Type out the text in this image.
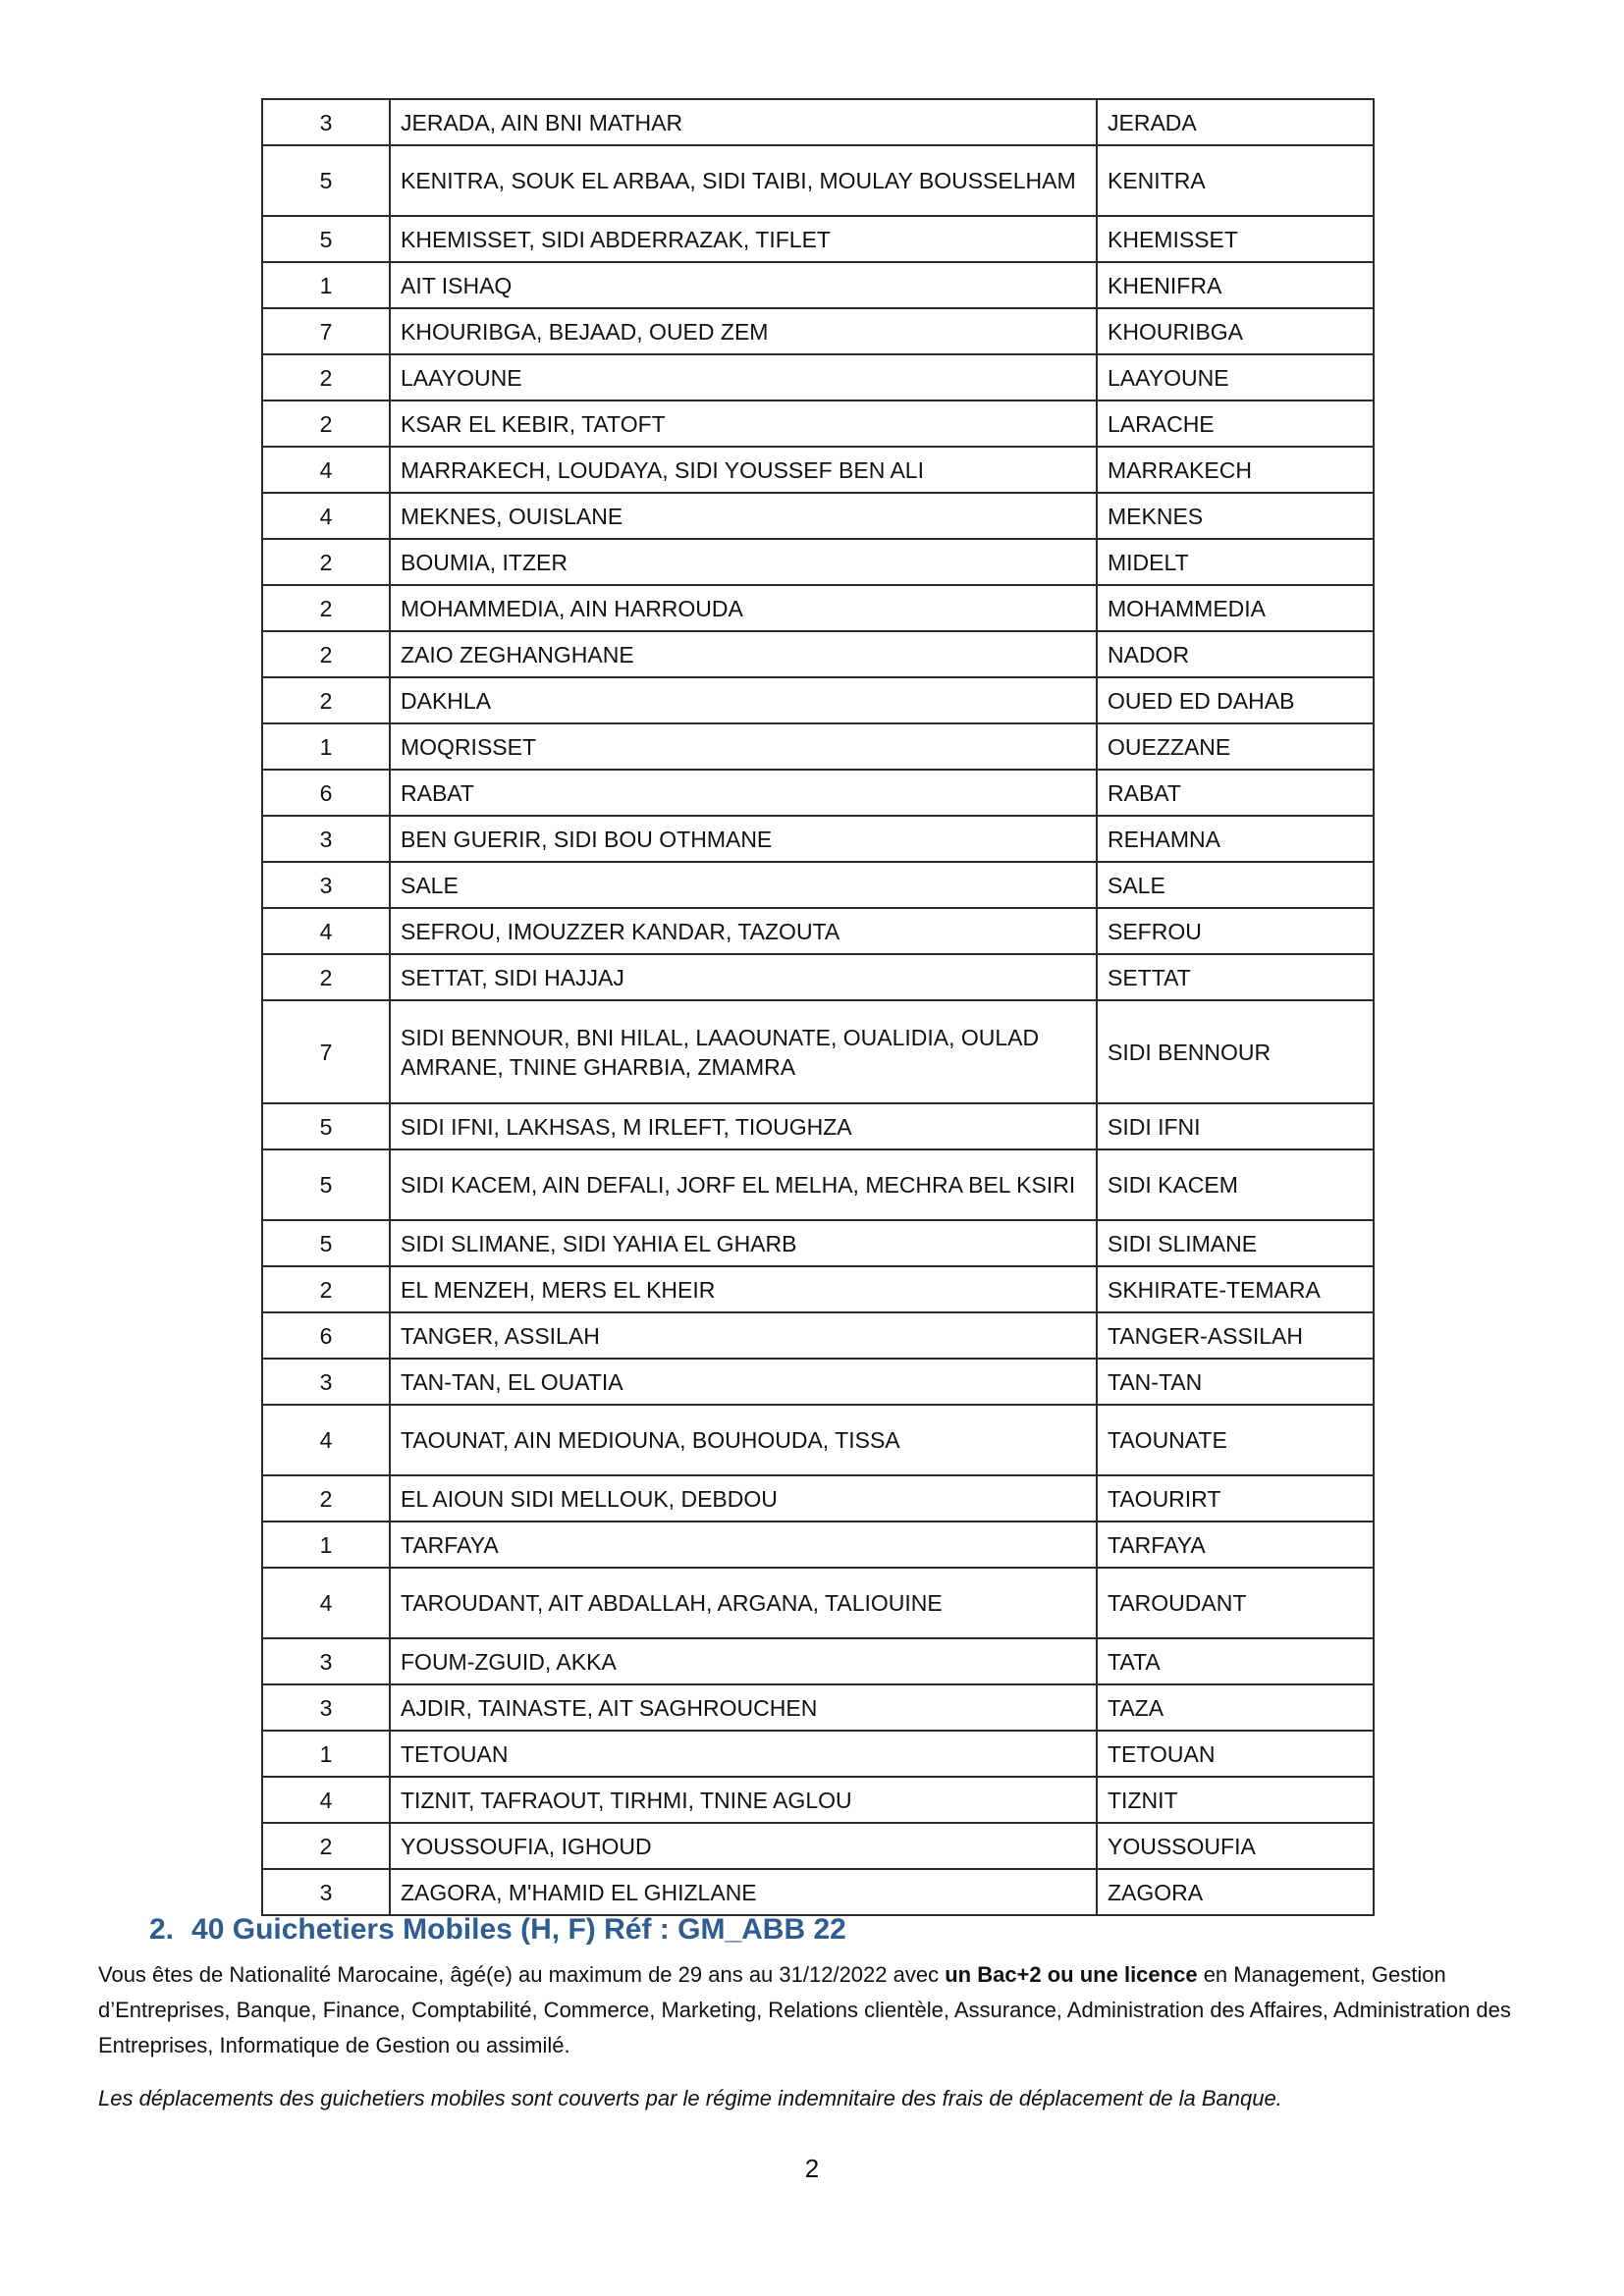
3	JERADA, AIN BNI MATHAR	JERADA
5	KENITRA, SOUK EL ARBAA, SIDI TAIBI, MOULAY BOUSSELHAM	KENITRA
5	KHEMISSET, SIDI ABDERRAZAK, TIFLET	KHEMISSET
1	AIT ISHAQ	KHENIFRA
7	KHOURIBGA, BEJAAD, OUED ZEM	KHOURIBGA
2	LAAYOUNE	LAAYOUNE
2	KSAR EL KEBIR, TATOFT	LARACHE
4	MARRAKECH, LOUDAYA, SIDI YOUSSEF BEN ALI	MARRAKECH
4	MEKNES, OUISLANE	MEKNES
2	BOUMIA, ITZER	MIDELT
2	MOHAMMEDIA, AIN HARROUDA	MOHAMMEDIA
2	ZAIO ZEGHANGHANE	NADOR
2	DAKHLA	OUED ED DAHAB
1	MOQRISSET	OUEZZANE
6	RABAT	RABAT
3	BEN GUERIR, SIDI BOU OTHMANE	REHAMNA
3	SALE	SALE
4	SEFROU, IMOUZZER KANDAR, TAZOUTA	SEFROU
2	SETTAT, SIDI HAJJAJ	SETTAT
7	SIDI BENNOUR, BNI HILAL, LAAOUNATE, OUALIDIA, OULAD AMRANE, TNINE GHARBIA, ZMAMRA	SIDI BENNOUR
5	SIDI IFNI, LAKHSAS, M IRLEFT, TIOUGHZA	SIDI IFNI
5	SIDI KACEM, AIN DEFALI, JORF EL MELHA, MECHRA BEL KSIRI	SIDI KACEM
5	SIDI SLIMANE, SIDI YAHIA EL GHARB	SIDI SLIMANE
2	EL MENZEH, MERS EL KHEIR	SKHIRATE-TEMARA
6	TANGER, ASSILAH	TANGER-ASSILAH
3	TAN-TAN, EL OUATIA	TAN-TAN
4	TAOUNAT, AIN MEDIOUNA, BOUHOUDA, TISSA	TAOUNATE
2	EL AIOUN SIDI MELLOUK, DEBDOU	TAOURIRT
1	TARFAYA	TARFAYA
4	TAROUDANT, AIT ABDALLAH, ARGANA, TALIOUINE	TAROUDANT
3	FOUM-ZGUID, AKKA	TATA
3	AJDIR, TAINASTE, AIT SAGHROUCHEN	TAZA
1	TETOUAN	TETOUAN
4	TIZNIT, TAFRAOUT, TIRHMI, TNINE AGLOU	TIZNIT
2	YOUSSOUFIA, IGHOUD	YOUSSOUFIA
3	ZAGORA, M'HAMID EL GHIZLANE	ZAGORA
2. 40 Guichetiers Mobiles (H, F) Réf : GM_ABB 22

Vous êtes de Nationalité Marocaine, âgé(e) au maximum de 29 ans au 31/12/2022 avec un Bac+2 ou une licence en Management, Gestion d’Entreprises, Banque, Finance, Comptabilité, Commerce, Marketing, Relations clientèle, Assurance, Administration des Affaires, Administration des Entreprises, Informatique de Gestion ou assimilé.

Les déplacements des guichetiers mobiles sont couverts par le régime indemnitaire des frais de déplacement de la Banque.

2
